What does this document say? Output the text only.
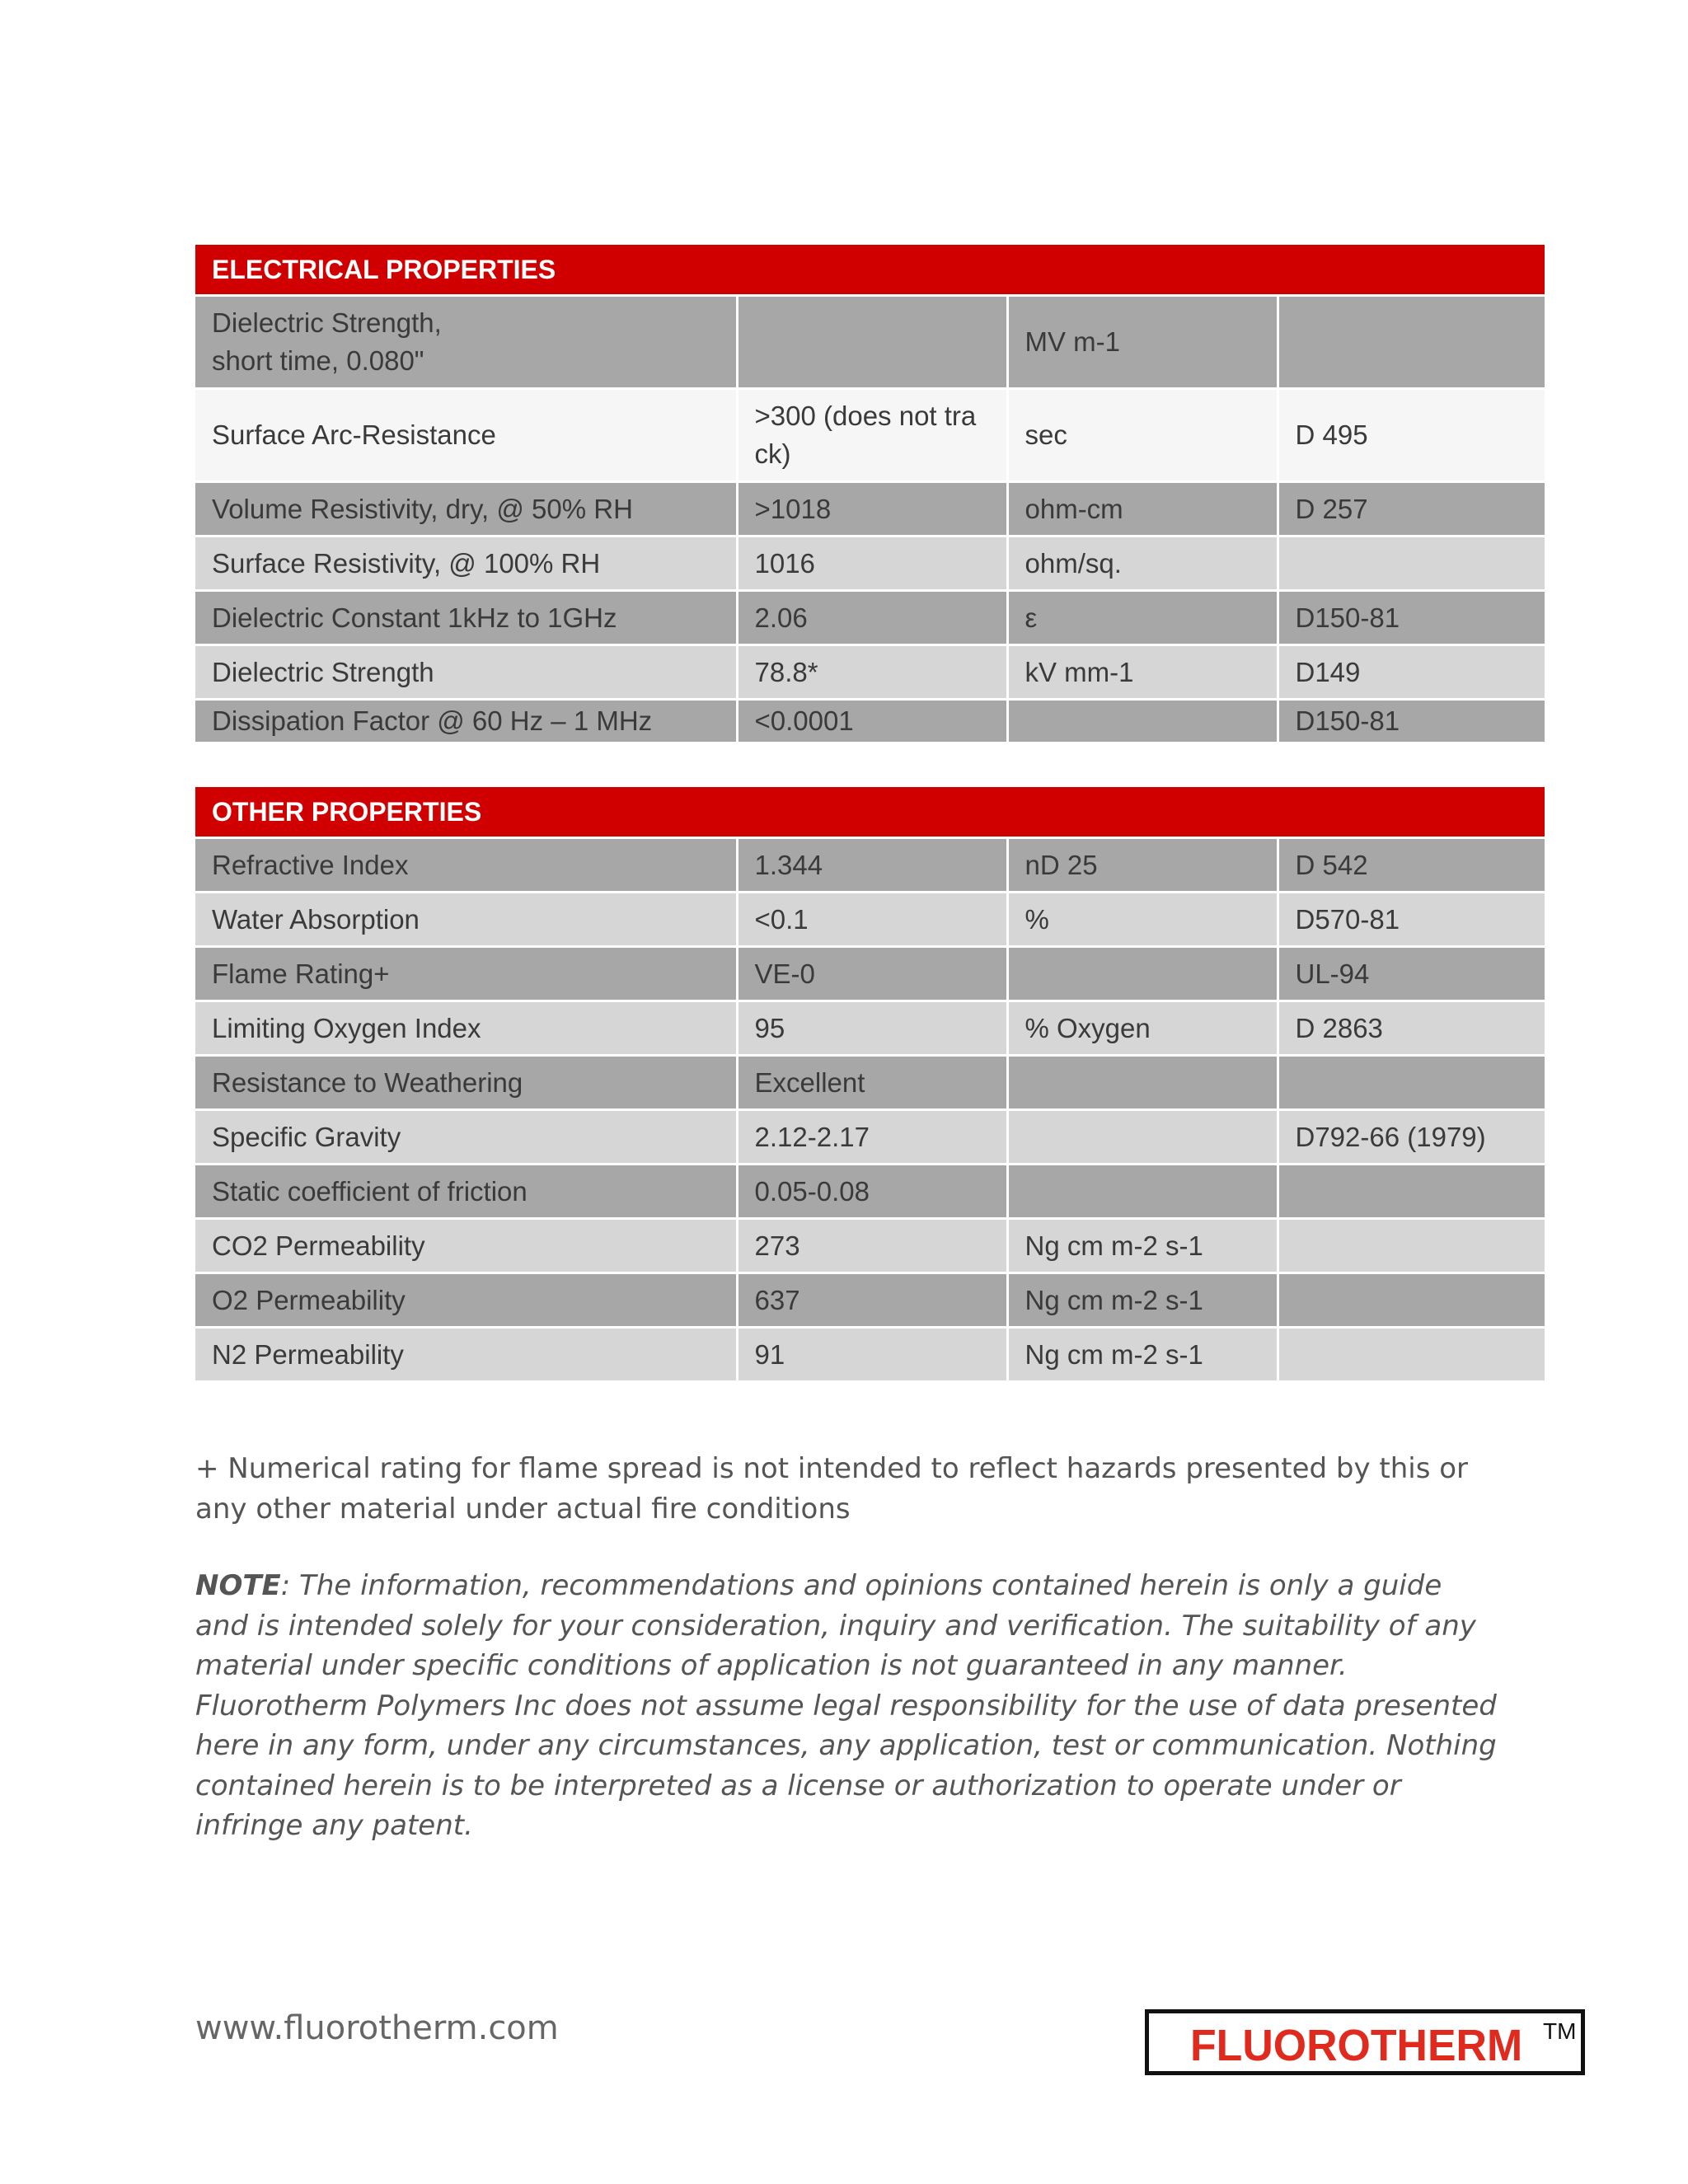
ELECTRICAL PROPERTIES			
Dielectric Strength,
short time, 0.080"		MV m-1	
Surface Arc-Resistance	>300 (does not track)	sec	D 495
Volume Resistivity, dry, @ 50% RH	>1018	ohm-cm	D 257
Surface Resistivity, @ 100% RH	1016	ohm/sq.	
Dielectric Constant 1kHz to 1GHz	2.06	ε	D150-81
Dielectric Strength	78.8*	kV mm-1	D149
Dissipation Factor @ 60 Hz – 1 MHz	<0.0001		D150-81
OTHER PROPERTIES			
Refractive Index	1.344	nD 25	D 542
Water Absorption	<0.1	%	D570-81
Flame Rating+	VE-0		UL-94
Limiting Oxygen Index	95	% Oxygen	D 2863
Resistance to Weathering	Excellent		
Specific Gravity	2.12-2.17		D792-66 (1979)
Static coefficient of friction	0.05-0.08		
CO2 Permeability	273	Ng cm m-2 s-1	
O2 Permeability	637	Ng cm m-2 s-1	
N2 Permeability	91	Ng cm m-2 s-1	
+ Numerical rating for flame spread is not intended to reflect hazards presented by this or any other material under actual fire conditions
NOTE: The information, recommendations and opinions contained herein is only a guide and is intended solely for your consideration, inquiry and verification. The suitability of any material under specific conditions of application is not guaranteed in any manner. Fluorotherm Polymers Inc does not assume legal responsibility for the use of data presented here in any form, under any circumstances, any application, test or communication. Nothing contained herein is to be interpreted as a license or authorization to operate under or infringe any patent.
www.fluorotherm.com	FLUOROTHERM TM
